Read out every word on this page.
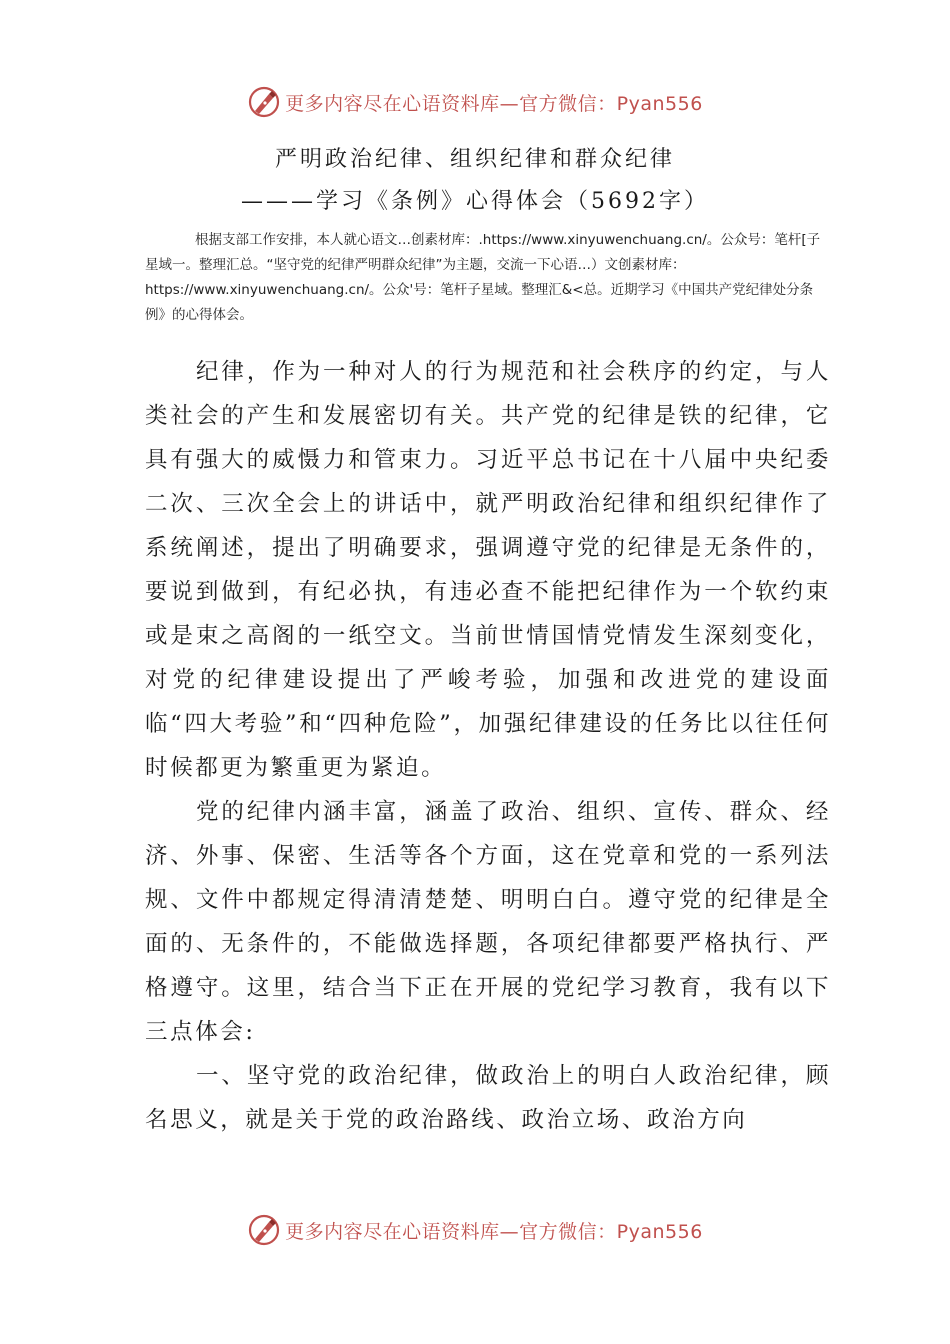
更多内容尽在心语资料库—官方微信：Pyan556
严明政治纪律、组织纪律和群众纪律
———学习《条例》心得体会（5692字）
根据支部工作安排，本人就心语文…创素材库：.https://www.xinyuwenchuang.cn/。公众号：笔杆[子星域一。整理汇总。“坚守党的纪律严明群众纪律”为主题，交流一下心语…）文创素材库：https://www.xinyuwenchuang.cn/。公众'号：笔杆子星域。整理汇&<总。近期学习《中国共产党纪律处分条例》的心得体会。

纪律，作为一种对人的行为规范和社会秩序的约定，与人类社会的产生和发展密切有关。共产党的纪律是铁的纪律，它具有强大的威慑力和管束力。习近平总书记在十八届中央纪委二次、三次全会上的讲话中，就严明政治纪律和组织纪律作了系统阐述，提出了明确要求，强调遵守党的纪律是无条件的，要说到做到，有纪必执，有违必查不能把纪律作为一个软约束或是束之高阁的一纸空文。当前世情国情党情发生深刻变化，对党的纪律建设提出了严峻考验，加强和改进党的建设面临“四大考验”和“四种危险”，加强纪律建设的任务比以往任何时候都更为繁重更为紧迫。

党的纪律内涵丰富，涵盖了政治、组织、宣传、群众、经济、外事、保密、生活等各个方面，这在党章和党的一系列法规、文件中都规定得清清楚楚、明明白白。遵守党的纪律是全面的、无条件的，不能做选择题，各项纪律都要严格执行、严格遵守。这里，结合当下正在开展的党纪学习教育，我有以下三点体会:

一、坚守党的政治纪律，做政治上的明白人政治纪律，顾名思义，就是关于党的政治路线、政治立场、政治方向

更多内容尽在心语资料库—官方微信：Pyan556
